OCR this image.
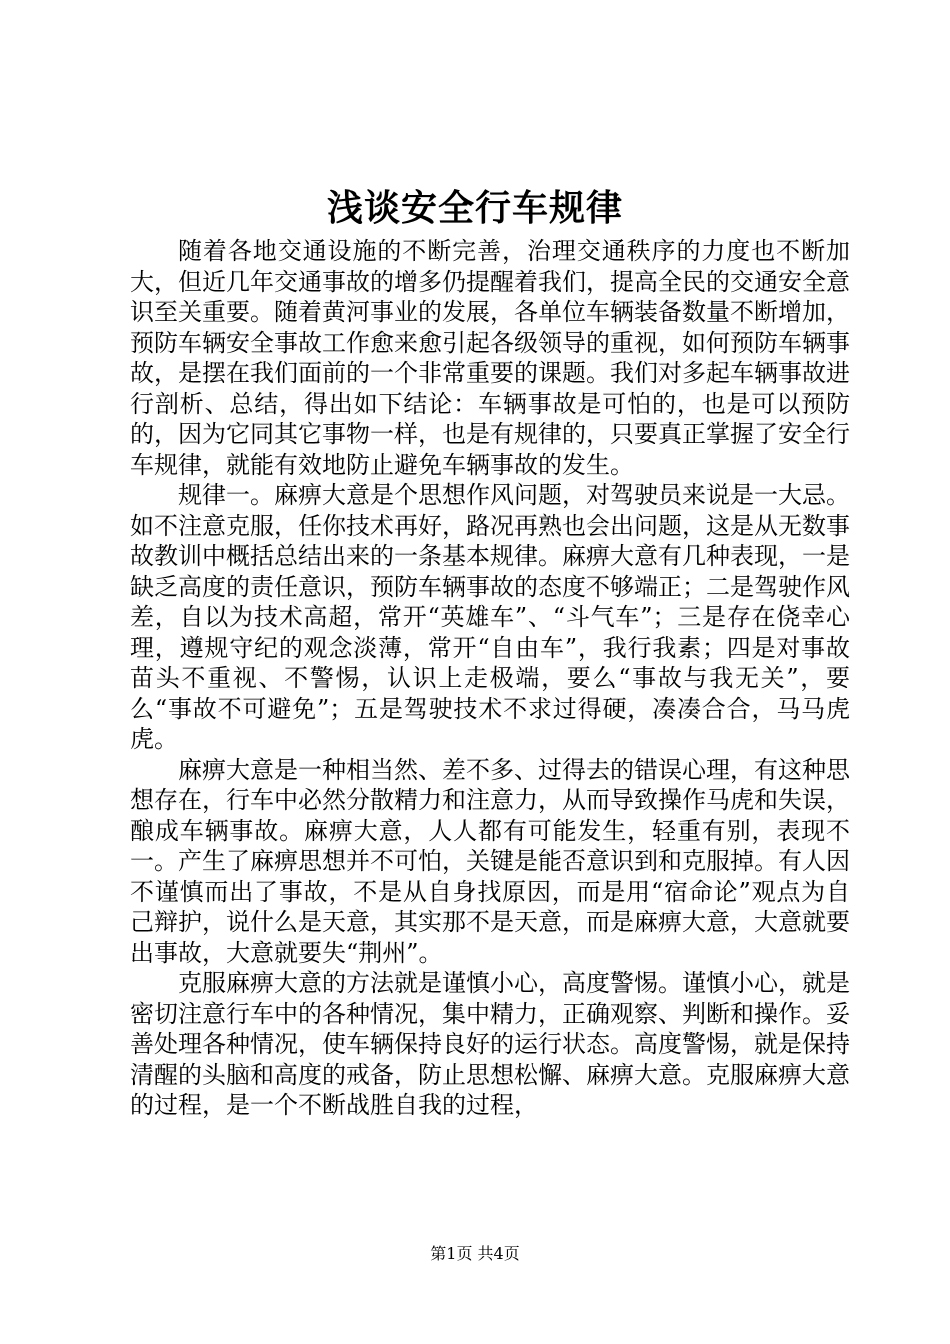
浅谈安全行车规律

随着各地交通设施的不断完善，治理交通秩序的力度也不断加大，但近几年交通事故的增多仍提醒着我们，提高全民的交通安全意识至关重要。随着黄河事业的发展，各单位车辆装备数量不断增加，预防车辆安全事故工作愈来愈引起各级领导的重视，如何预防车辆事故，是摆在我们面前的一个非常重要的课题。我们对多起车辆事故进行剖析、总结，得出如下结论：车辆事故是可怕的，也是可以预防的，因为它同其它事物一样，也是有规律的，只要真正掌握了安全行车规律，就能有效地防止避免车辆事故的发生。

规律一。麻痹大意是个思想作风问题，对驾驶员来说是一大忌。如不注意克服，任你技术再好，路况再熟也会出问题，这是从无数事故教训中概括总结出来的一条基本规律。麻痹大意有几种表现，一是缺乏高度的责任意识，预防车辆事故的态度不够端正；二是驾驶作风差，自以为技术高超，常开“英雄车”、“斗气车”；三是存在侥幸心理，遵规守纪的观念淡薄，常开“自由车”，我行我素；四是对事故苗头不重视、不警惕，认识上走极端，要么“事故与我无关”，要么“事故不可避免”；五是驾驶技术不求过得硬，凑凑合合，马马虎虎。

麻痹大意是一种相当然、差不多、过得去的错误心理，有这种思想存在，行车中必然分散精力和注意力，从而导致操作马虎和失误，酿成车辆事故。麻痹大意，人人都有可能发生，轻重有别，表现不一。产生了麻痹思想并不可怕，关键是能否意识到和克服掉。有人因不谨慎而出了事故，不是从自身找原因，而是用“宿命论”观点为自己辩护，说什么是天意，其实那不是天意，而是麻痹大意，大意就要出事故，大意就要失“荆州”。

克服麻痹大意的方法就是谨慎小心，高度警惕。谨慎小心，就是密切注意行车中的各种情况，集中精力，正确观察、判断和操作。妥善处理各种情况，使车辆保持良好的运行状态。高度警惕，就是保持清醒的头脑和高度的戒备，防止思想松懈、麻痹大意。克服麻痹大意的过程，是一个不断战胜自我的过程，

第1页 共4页
